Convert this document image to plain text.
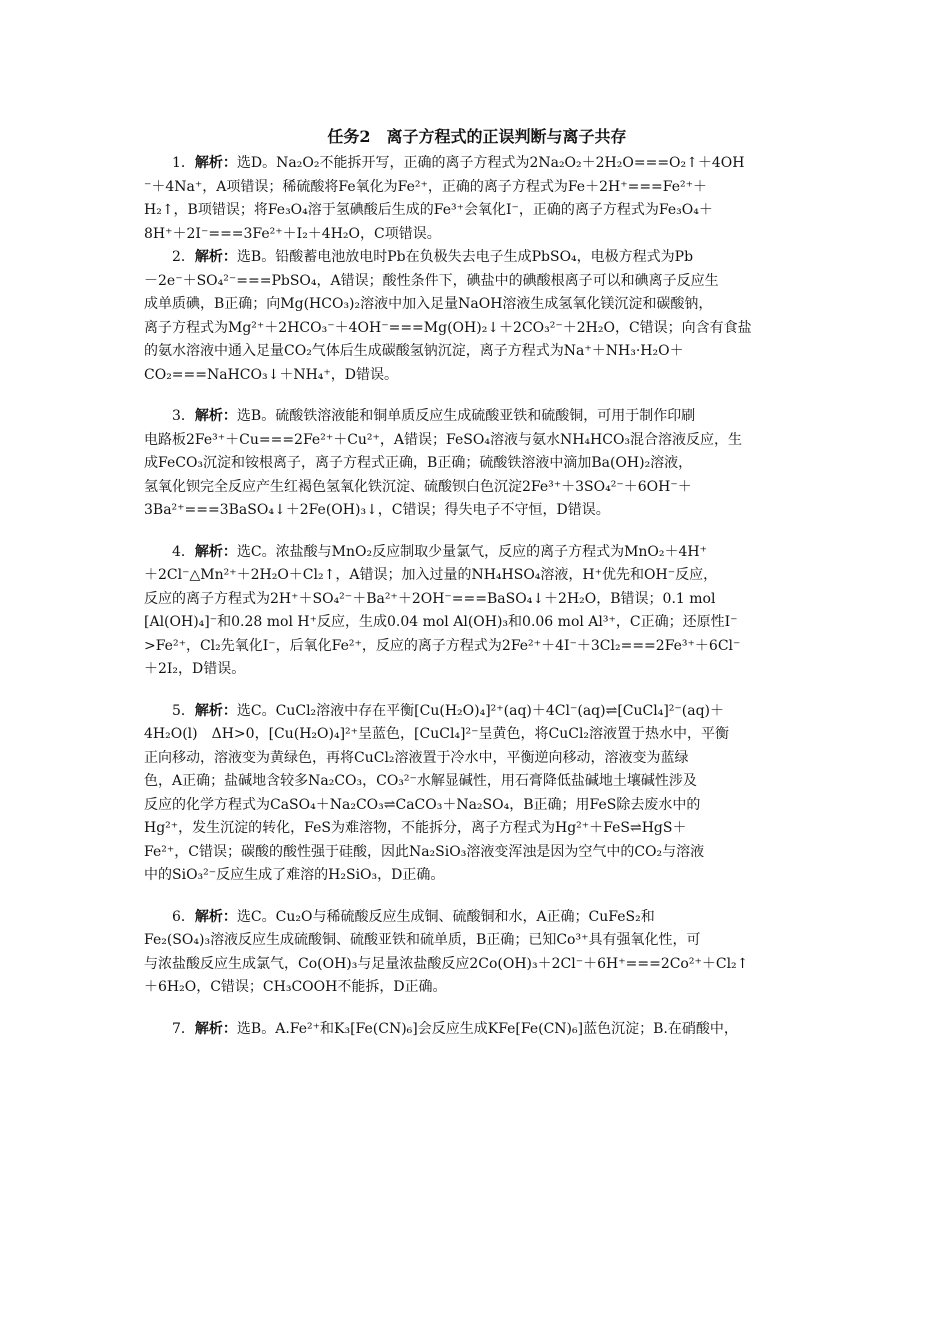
任务2　离子方程式的正误判断与离子共存

1．解析：选D。Na₂O₂不能拆开写，正确的离子方程式为2Na₂O₂＋2H₂O===O₂↑＋4OH

⁻＋4Na⁺，A项错误；稀硫酸将Fe氧化为Fe²⁺，正确的离子方程式为Fe＋2H⁺===Fe²⁺＋

H₂↑，B项错误；将Fe₃O₄溶于氢碘酸后生成的Fe³⁺会氧化I⁻，正确的离子方程式为Fe₃O₄＋

8H⁺＋2I⁻===3Fe²⁺＋I₂＋4H₂O，C项错误。

2．解析：选B。铅酸蓄电池放电时Pb在负极失去电子生成PbSO₄，电极方程式为Pb

－2e⁻＋SO₄²⁻===PbSO₄，A错误；酸性条件下，碘盐中的碘酸根离子可以和碘离子反应生

成单质碘，B正确；向Mg(HCO₃)₂溶液中加入足量NaOH溶液生成氢氧化镁沉淀和碳酸钠，

离子方程式为Mg²⁺＋2HCO₃⁻＋4OH⁻===Mg(OH)₂↓＋2CO₃²⁻＋2H₂O，C错误；向含有食盐

的氨水溶液中通入足量CO₂气体后生成碳酸氢钠沉淀，离子方程式为Na⁺＋NH₃·H₂O＋

CO₂===NaHCO₃↓＋NH₄⁺，D错误。

3．解析：选B。硫酸铁溶液能和铜单质反应生成硫酸亚铁和硫酸铜，可用于制作印刷

电路板2Fe³⁺＋Cu===2Fe²⁺＋Cu²⁺，A错误；FeSO₄溶液与氨水NH₄HCO₃混合溶液反应，生

成FeCO₃沉淀和铵根离子，离子方程式正确，B正确；硫酸铁溶液中滴加Ba(OH)₂溶液，

氢氧化钡完全反应产生红褐色氢氧化铁沉淀、硫酸钡白色沉淀2Fe³⁺＋3SO₄²⁻＋6OH⁻＋

3Ba²⁺===3BaSO₄↓＋2Fe(OH)₃↓，C错误；得失电子不守恒，D错误。

4．解析：选C。浓盐酸与MnO₂反应制取少量氯气，反应的离子方程式为MnO₂＋4H⁺

＋2Cl⁻△Mn²⁺＋2H₂O＋Cl₂↑，A错误；加入过量的NH₄HSO₄溶液，H⁺优先和OH⁻反应，

反应的离子方程式为2H⁺＋SO₄²⁻＋Ba²⁺＋2OH⁻===BaSO₄↓＋2H₂O，B错误；0.1 mol

[Al(OH)₄]⁻和0.28 mol H⁺反应，生成0.04 mol Al(OH)₃和0.06 mol Al³⁺，C正确；还原性I⁻

>Fe²⁺，Cl₂先氧化I⁻，后氧化Fe²⁺，反应的离子方程式为2Fe²⁺＋4I⁻＋3Cl₂===2Fe³⁺＋6Cl⁻

＋2I₂，D错误。

5．解析：选C。CuCl₂溶液中存在平衡[Cu(H₂O)₄]²⁺(aq)＋4Cl⁻(aq)⇌[CuCl₄]²⁻(aq)＋

4H₂O(l)　ΔH>0，[Cu(H₂O)₄]²⁺呈蓝色，[CuCl₄]²⁻呈黄色，将CuCl₂溶液置于热水中，平衡

正向移动，溶液变为黄绿色，再将CuCl₂溶液置于冷水中，平衡逆向移动，溶液变为蓝绿

色，A正确；盐碱地含较多Na₂CO₃，CO₃²⁻水解显碱性，用石膏降低盐碱地土壤碱性涉及

反应的化学方程式为CaSO₄＋Na₂CO₃⇌CaCO₃＋Na₂SO₄，B正确；用FeS除去废水中的

Hg²⁺，发生沉淀的转化，FeS为难溶物，不能拆分，离子方程式为Hg²⁺＋FeS⇌HgS＋

Fe²⁺，C错误；碳酸的酸性强于硅酸，因此Na₂SiO₃溶液变浑浊是因为空气中的CO₂与溶液

中的SiO₃²⁻反应生成了难溶的H₂SiO₃，D正确。

6．解析：选C。Cu₂O与稀硫酸反应生成铜、硫酸铜和水，A正确；CuFeS₂和

Fe₂(SO₄)₃溶液反应生成硫酸铜、硫酸亚铁和硫单质，B正确；已知Co³⁺具有强氧化性，可

与浓盐酸反应生成氯气，Co(OH)₃与足量浓盐酸反应2Co(OH)₃＋2Cl⁻＋6H⁺===2Co²⁺＋Cl₂↑

＋6H₂O，C错误；CH₃COOH不能拆，D正确。

7．解析：选B。A.Fe²⁺和K₃[Fe(CN)₆]会反应生成KFe[Fe(CN)₆]蓝色沉淀；B.在硝酸中，
